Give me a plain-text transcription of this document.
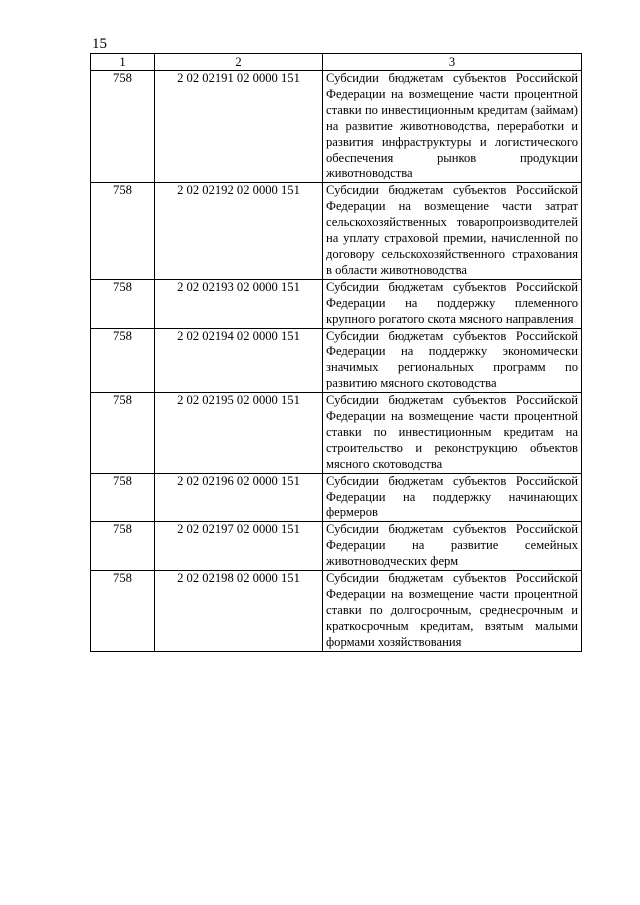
15
1	2	3
758	2 02 02191 02 0000 151	Субсидии бюджетам субъектов Российской Федерации на возмещение части процентной ставки по инвестиционным кредитам (займам) на развитие животноводства, переработки и развития инфраструктуры и логистического обеспечения рынков продукции животноводства
758	2 02 02192 02 0000 151	Субсидии бюджетам субъектов Российской Федерации на возмещение части затрат сельскохозяйственных товаропроизводителей на уплату страховой премии, начисленной по договору сельскохозяйственного страхования в области животноводства
758	2 02 02193 02 0000 151	Субсидии бюджетам субъектов Российской Федерации на поддержку племенного крупного рогатого скота мясного направления
758	2 02 02194 02 0000 151	Субсидии бюджетам субъектов Российской Федерации на поддержку экономически значимых региональных программ по развитию мясного скотоводства
758	2 02 02195 02 0000 151	Субсидии бюджетам субъектов Российской Федерации на возмещение части процентной ставки по инвестиционным кредитам на строительство и реконструкцию объектов мясного скотоводства
758	2 02 02196 02 0000 151	Субсидии бюджетам субъектов Российской Федерации на поддержку начинающих фермеров
758	2 02 02197 02 0000 151	Субсидии бюджетам субъектов Российской Федерации на развитие семейных животноводческих ферм
758	2 02 02198 02 0000 151	Субсидии бюджетам субъектов Российской Федерации на возмещение части процентной ставки по долгосрочным, среднесрочным и краткосрочным кредитам, взятым малыми формами хозяйствования
